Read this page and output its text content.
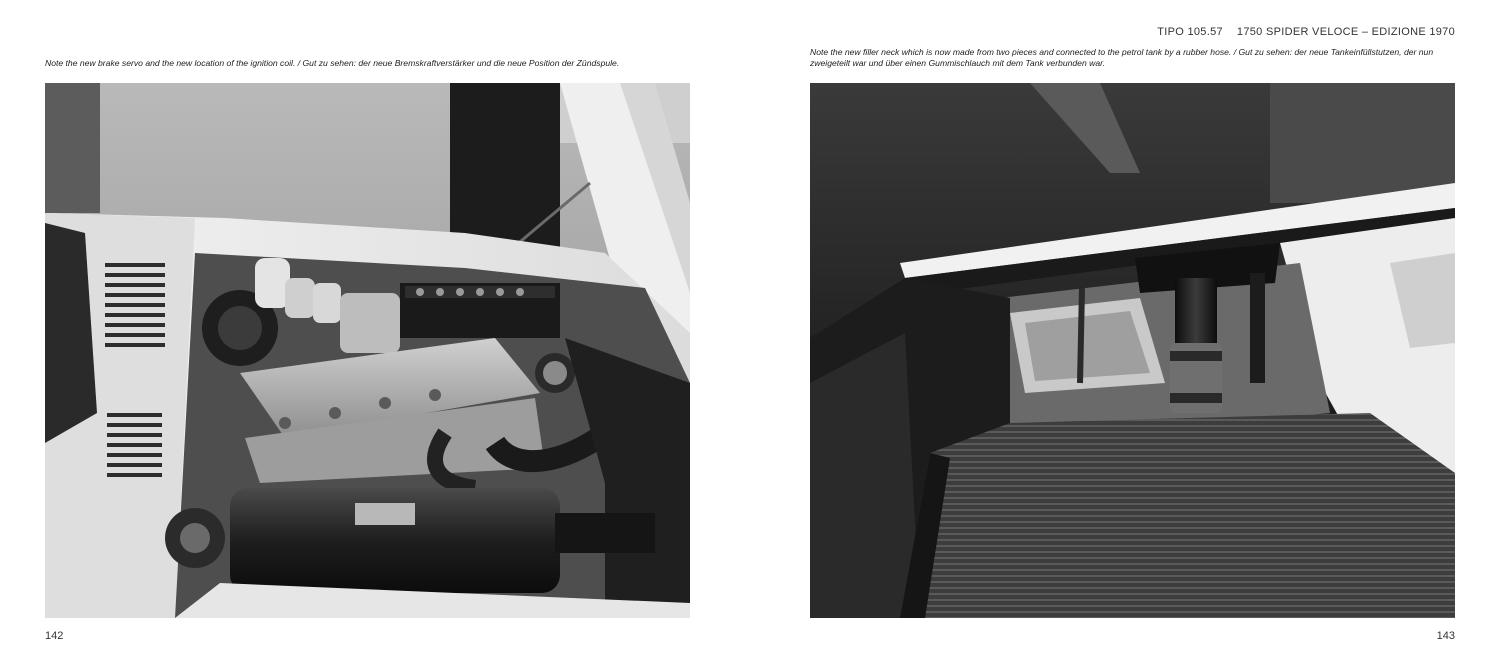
Note the new brake servo and the new location of the ignition coil. / Gut zu sehen: der neue Bremskraftverstärker und die neue Position der Zündspule.

142
TIPO 105.57 1750 SPIDER VELOCE – EDIZIONE 1970

Note the new filler neck which is now made from two pieces and connected to the petrol tank by a rubber hose. / Gut zu sehen: der neue Tankeinfüllstutzen, der nun zweigeteilt war und über einen Gummischlauch mit dem Tank verbunden war.

143
